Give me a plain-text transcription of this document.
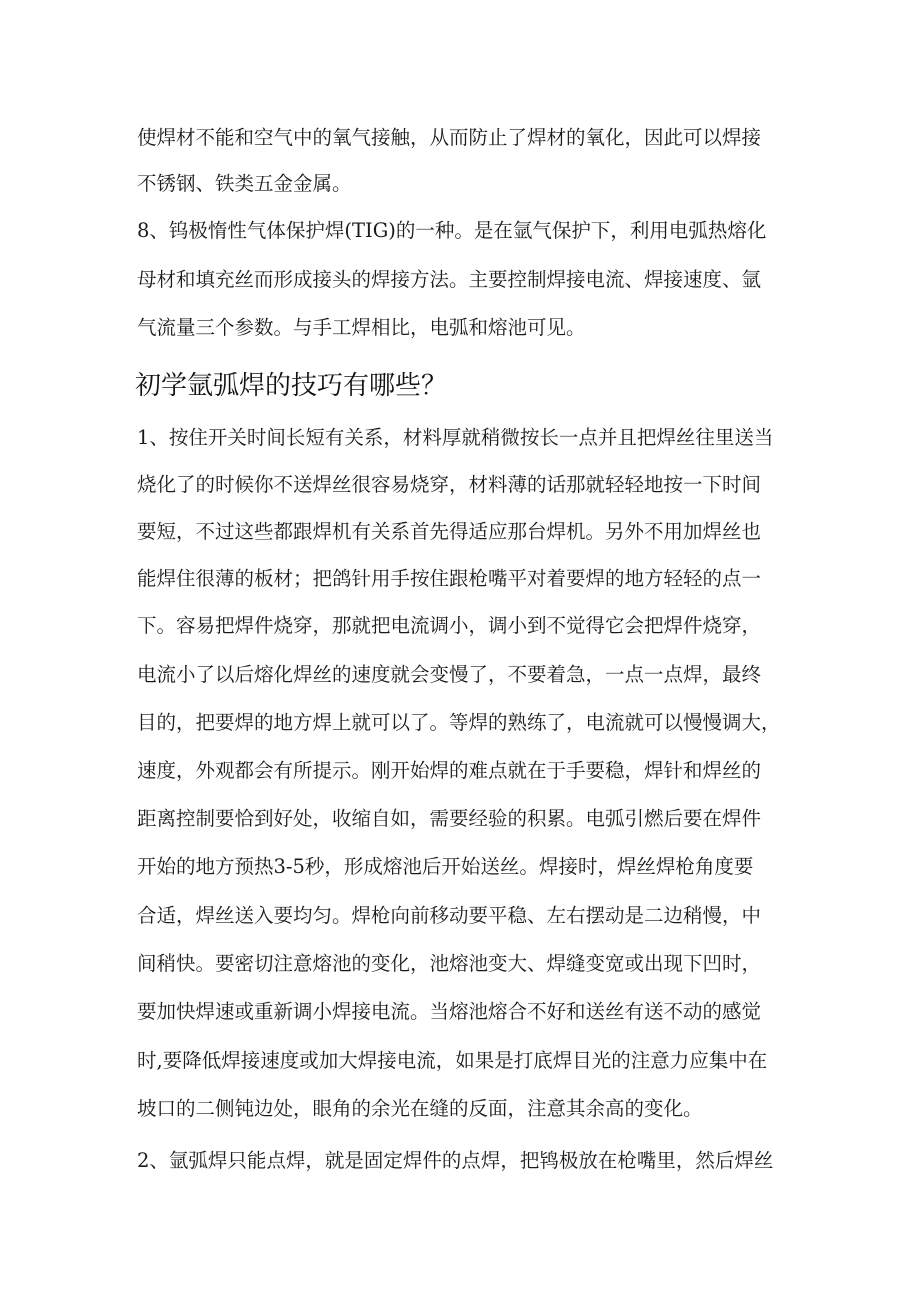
使焊材不能和空气中的氧气接触，从而防止了焊材的氧化，因此可以焊接
不锈钢、铁类五金金属。
8、钨极惰性气体保护焊(TIG)的一种。是在氩气保护下，利用电弧热熔化
母材和填充丝而形成接头的焊接方法。主要控制焊接电流、焊接速度、氩
气流量三个参数。与手工焊相比，电弧和熔池可见。
初学氩弧焊的技巧有哪些？
1、按住开关时间长短有关系，材料厚就稍微按长一点并且把焊丝往里送当
烧化了的时候你不送焊丝很容易烧穿，材料薄的话那就轻轻地按一下时间
要短，不过这些都跟焊机有关系首先得适应那台焊机。另外不用加焊丝也
能焊住很薄的板材；把鸽针用手按住跟枪嘴平对着要焊的地方轻轻的点一
下。容易把焊件烧穿，那就把电流调小，调小到不觉得它会把焊件烧穿，
电流小了以后熔化焊丝的速度就会变慢了，不要着急，一点一点焊，最终
目的，把要焊的地方焊上就可以了。等焊的熟练了，电流就可以慢慢调大，
速度，外观都会有所提示。刚开始焊的难点就在于手要稳，焊针和焊丝的
距离控制要恰到好处，收缩自如，需要经验的积累。电弧引燃后要在焊件
开始的地方预热3-5秒，形成熔池后开始送丝。焊接时，焊丝焊枪角度要
合适，焊丝送入要均匀。焊枪向前移动要平稳、左右摆动是二边稍慢，中
间稍快。要密切注意熔池的变化，池熔池变大、焊缝变宽或出现下凹时，
要加快焊速或重新调小焊接电流。当熔池熔合不好和送丝有送不动的感觉
时,要降低焊接速度或加大焊接电流，如果是打底焊目光的注意力应集中在
坡口的二侧钝边处，眼角的余光在缝的反面，注意其余高的变化。
2、氩弧焊只能点焊，就是固定焊件的点焊，把鸨极放在枪嘴里，然后焊丝
